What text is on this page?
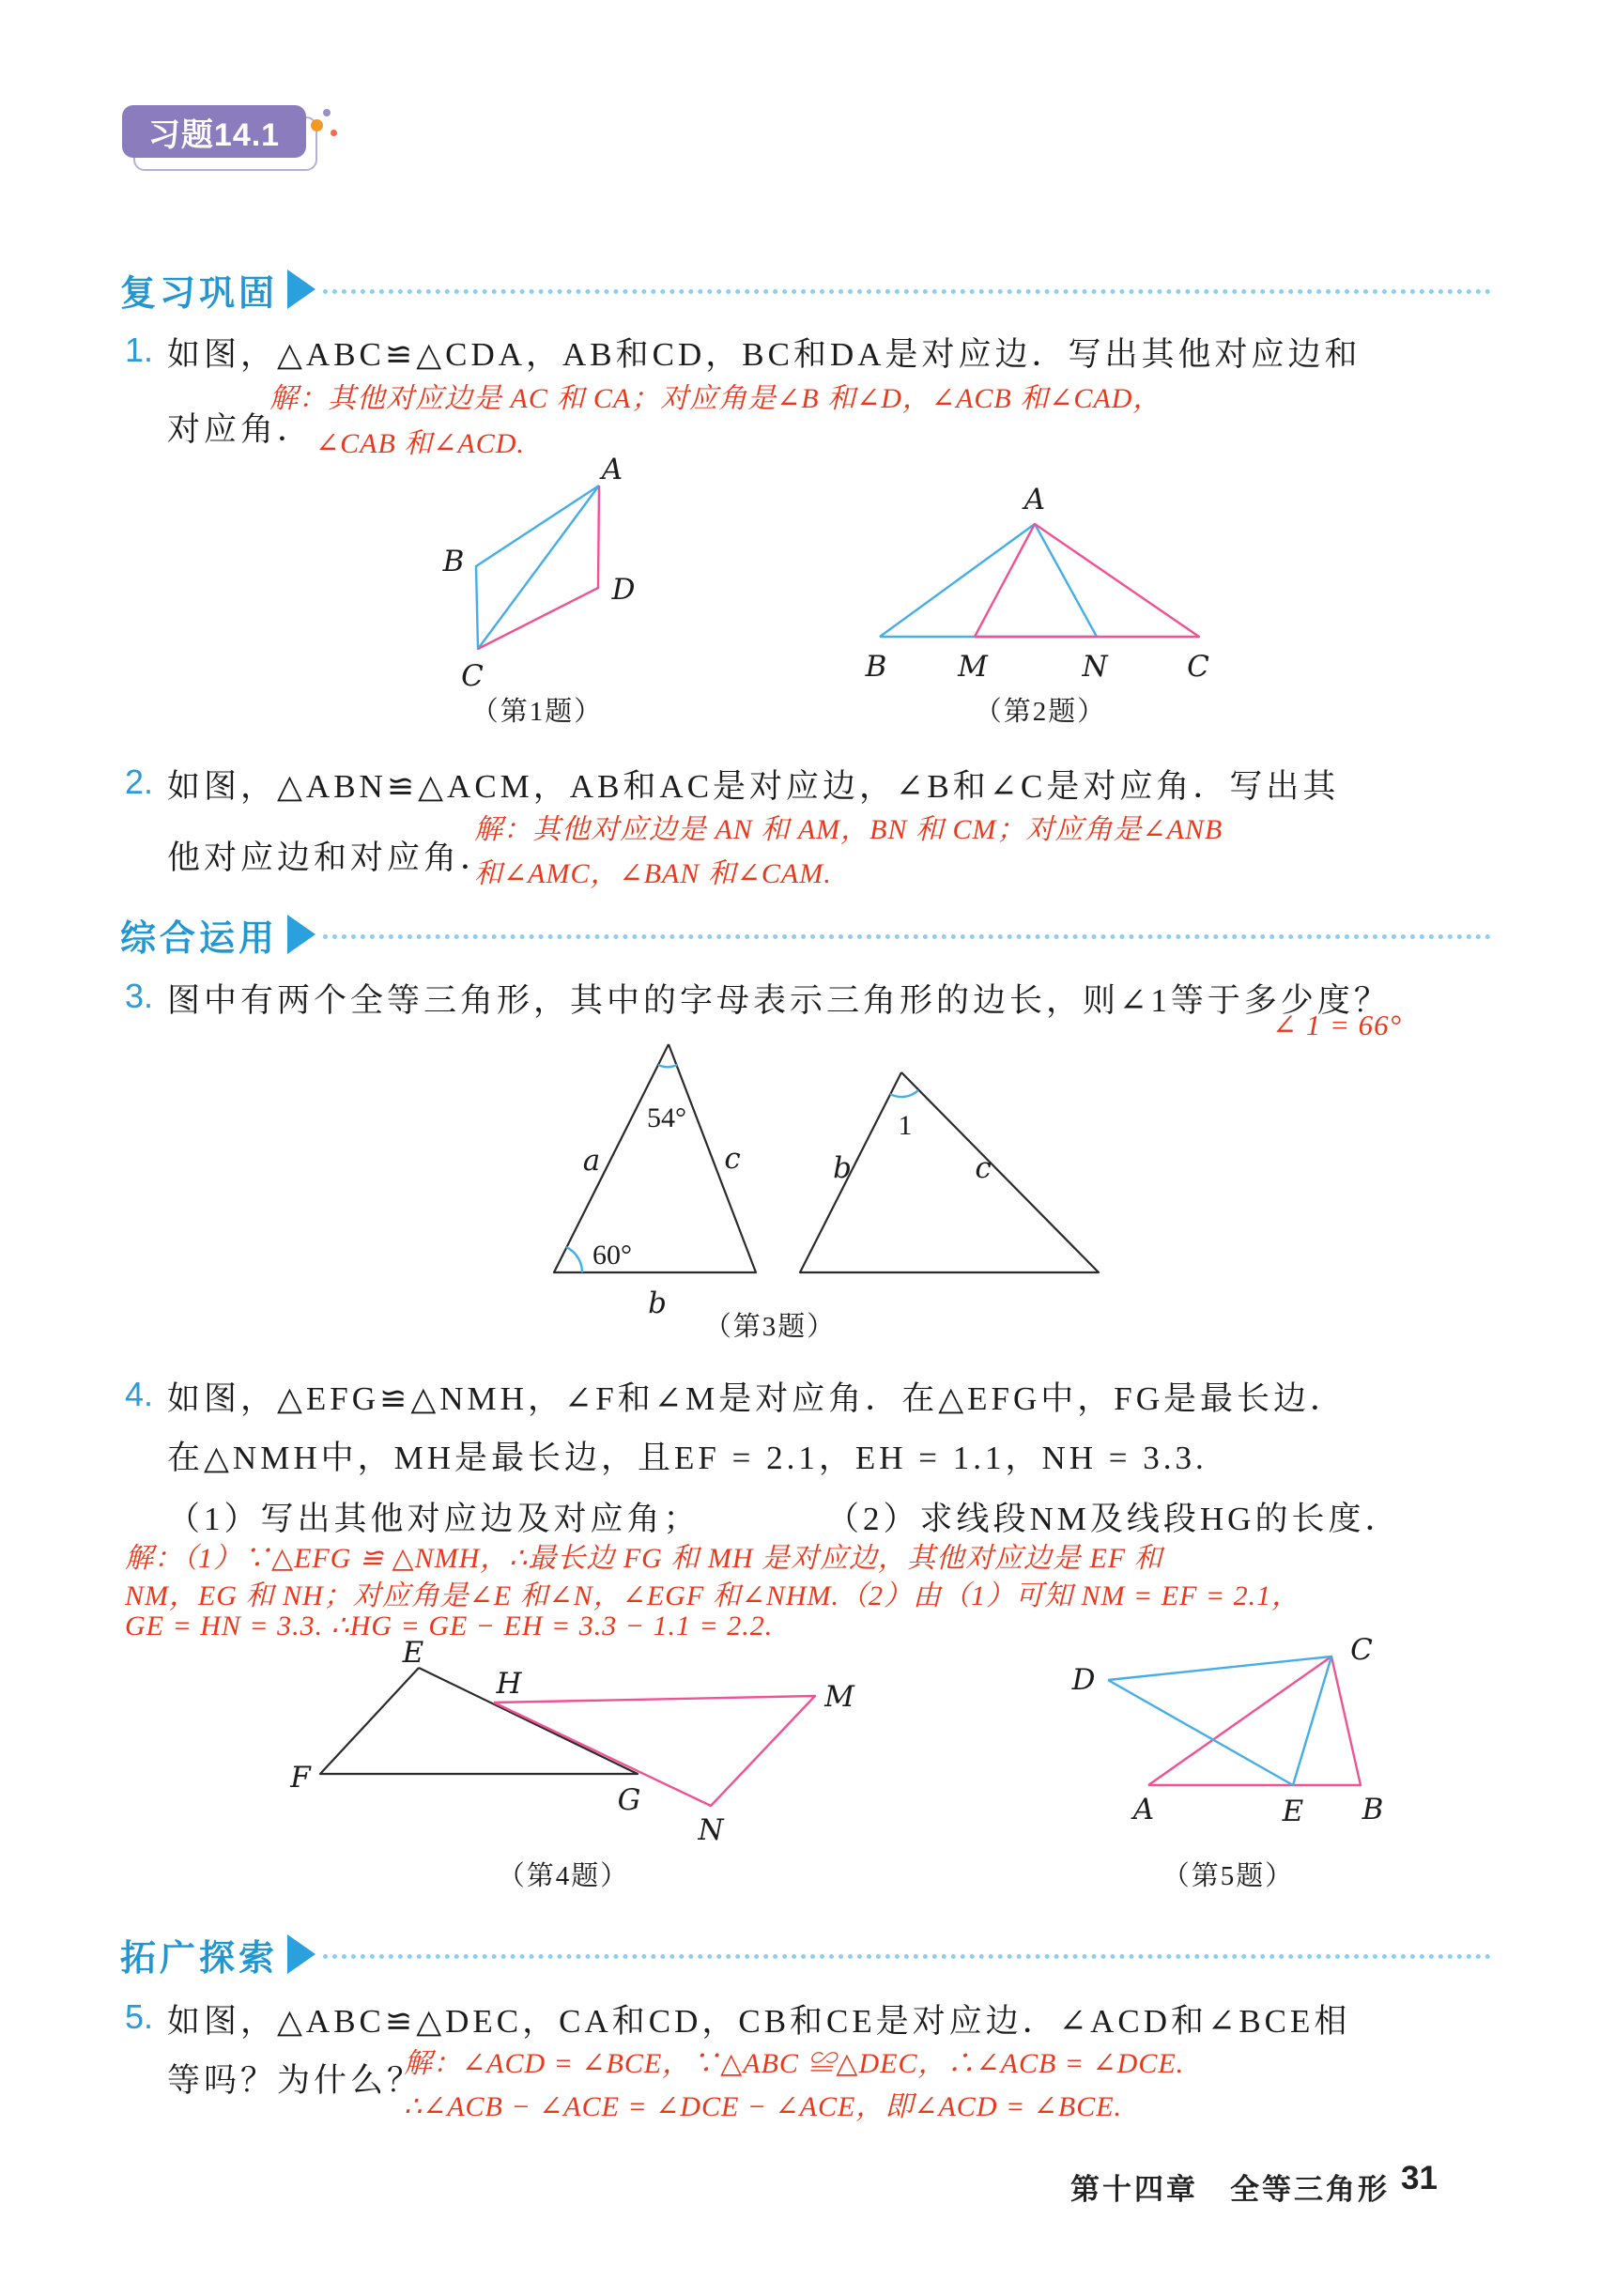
习题14.1
复习巩固
1. 如图，△ABC≌△CDA，AB和CD，BC和DA是对应边．写出其他对应边和
解：其他对应边是 AC 和 CA；对应角是∠B 和∠D，∠ACB 和∠CAD，
对应角． ∠CAB 和∠ACD.
A
B
C
D
（第1题）
A
B M	N	C
（第2题）
2. 如图，△ABN≌△ACM，AB和AC是对应边，∠B和∠C是对应角．写出其
解：其他对应边是 AN 和 AM，BN 和 CM；对应角是∠ANB
他对应边和对应角．
和∠AMC，∠BAN 和∠CAM.
综合运用
3. 图中有两个全等三角形，其中的字母表示三角形的边长，则∠1等于多少度？
∠ 1 = 66°
54°
60°
a	c
b
1
b	c
（第3题）
4. 如图，△EFG≌△NMH，∠F和∠M是对应角．在△EFG中，FG是最长边．
在△NMH中，MH是最长边，且EF = 2.1，EH = 1.1，NH = 3.3.
（1）写出其他对应边及对应角；	（2）求线段NM及线段HG的长度．
解：（1）∵△EFG ≌ △NMH，∴最长边 FG 和 MH 是对应边，其他对应边是 EF 和
NM，EG 和 NH；对应角是∠E 和∠N，∠EGF 和∠NHM.（2）由（1）可知 NM = EF = 2.1，
GE = HN = 3.3. ∴HG = GE − EH = 3.3 − 1.1 = 2.2.
E
F
G
H	M
N
（第4题）
C
D
A	E B
（第5题）
拓广探索
5. 如图，△ABC≌△DEC，CA和CD，CB和CE是对应边．∠ACD和∠BCE相
解：∠ACD = ∠BCE，∵△ABC ≌△DEC，∴∠ACB = ∠DCE.
等吗？为什么？
∴∠ACB − ∠ACE = ∠DCE − ∠ACE，即∠ACD = ∠BCE.
第十四章　全等三角形 31
